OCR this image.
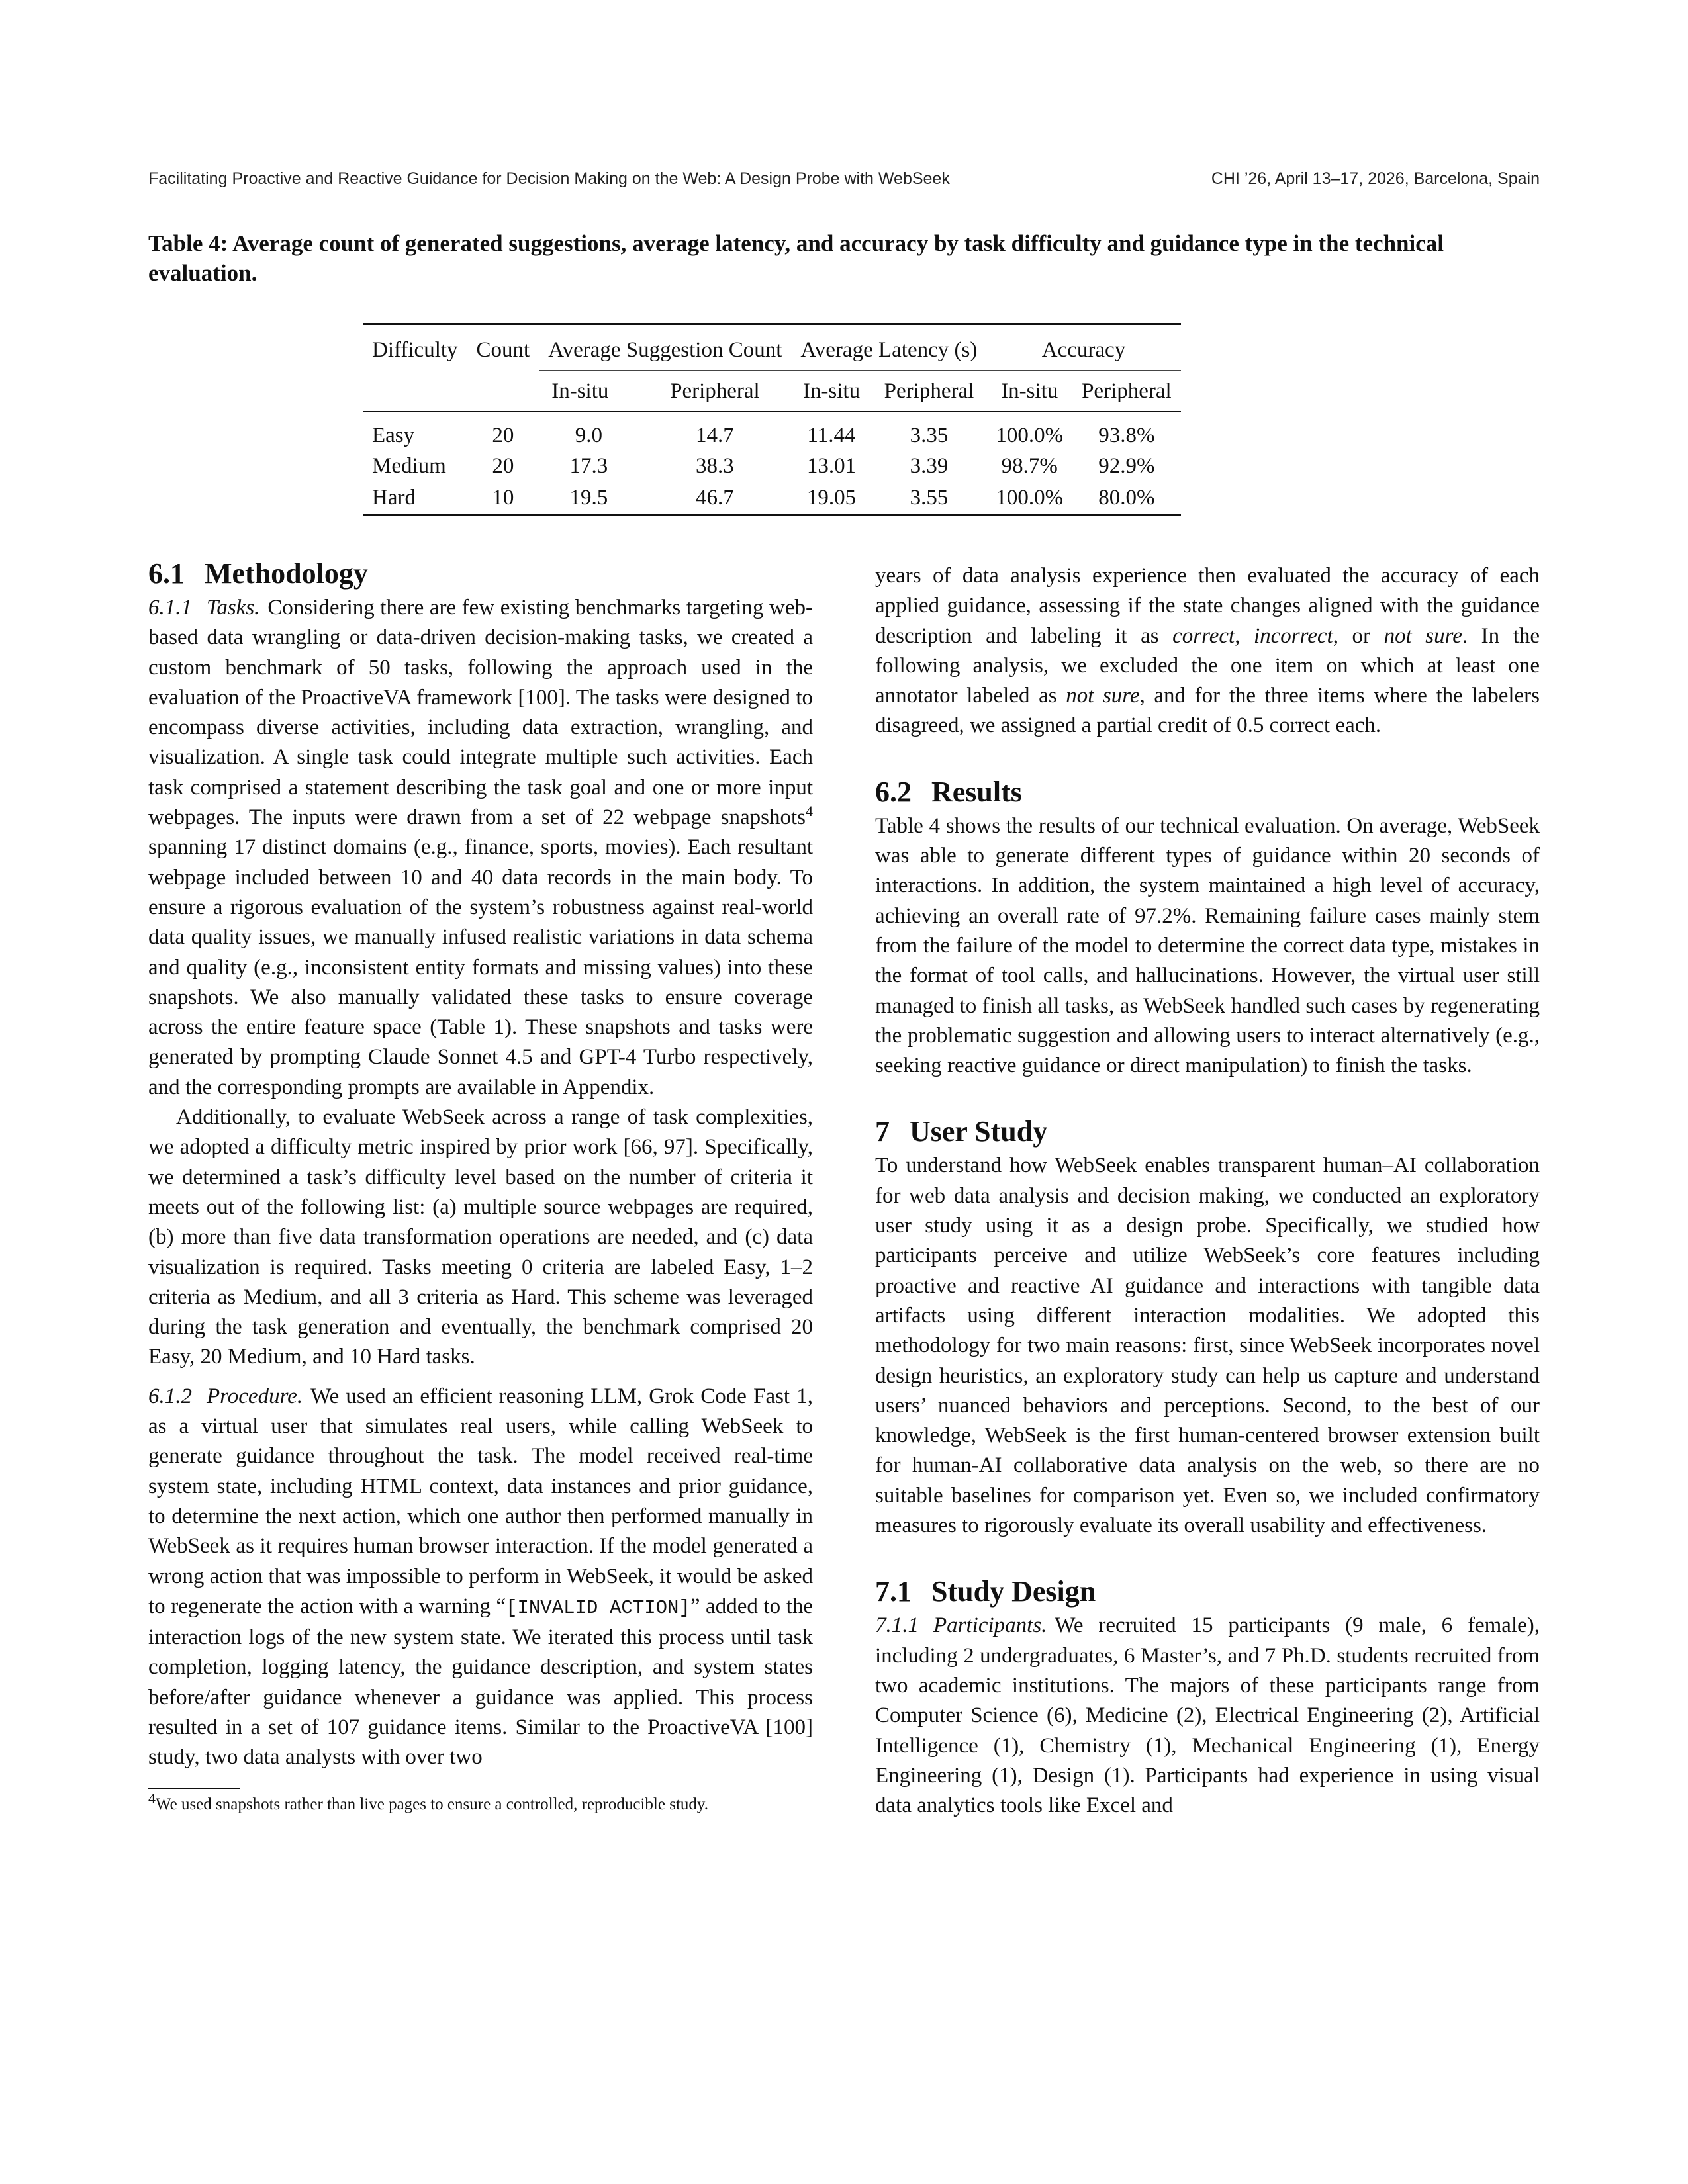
Facilitating Proactive and Reactive Guidance for Decision Making on the Web: A Design Probe with WebSeek	CHI ’26, April 13–17, 2026, Barcelona, Spain
Table 4: Average count of generated suggestions, average latency, and accuracy by task difficulty and guidance type in the technical evaluation.
Difficulty	Count	Average Suggestion Count		Average Latency (s)		Accuracy	
		In-situ	Peripheral	In-situ	Peripheral	In-situ	Peripheral
Easy	20	9.0	14.7	11.44	3.35	100.0%	93.8%
Medium	20	17.3	38.3	13.01	3.39	98.7%	92.9%
Hard	10	19.5	46.7	19.05	3.55	100.0%	80.0%
6.1 Methodology

6.1.1 Tasks. Considering there are few existing benchmarks targeting web-based data wrangling or data-driven decision-making tasks, we created a custom benchmark of 50 tasks, following the approach used in the evaluation of the ProactiveVA framework [100]. The tasks were designed to encompass diverse activities, including data extraction, wrangling, and visualization. A single task could integrate multiple such activities. Each task comprised a statement describing the task goal and one or more input webpages. The inputs were drawn from a set of 22 webpage snapshots$^4$ spanning 17 distinct domains (e.g., finance, sports, movies). Each resultant webpage included between 10 and 40 data records in the main body. To ensure a rigorous evaluation of the system’s robustness against real-world data quality issues, we manually infused realistic variations in data schema and quality (e.g., inconsistent entity formats and missing values) into these snapshots. We also manually validated these tasks to ensure coverage across the entire feature space (Table 1). These snapshots and tasks were generated by prompting Claude Sonnet 4.5 and GPT-4 Turbo respectively, and the corresponding prompts are available in Appendix.

Additionally, to evaluate WebSeek across a range of task complexities, we adopted a difficulty metric inspired by prior work [66, 97]. Specifically, we determined a task’s difficulty level based on the number of criteria it meets out of the following list: (a) multiple source webpages are required, (b) more than five data transformation operations are needed, and (c) data visualization is required. Tasks meeting 0 criteria are labeled Easy, 1–2 criteria as Medium, and all 3 criteria as Hard. This scheme was leveraged during the task generation and eventually, the benchmark comprised 20 Easy, 20 Medium, and 10 Hard tasks.

6.1.2 Procedure. We used an efficient reasoning LLM, Grok Code Fast 1, as a virtual user that simulates real users, while calling WebSeek to generate guidance throughout the task. The model received real-time system state, including HTML context, data instances and prior guidance, to determine the next action, which one author then performed manually in WebSeek as it requires human browser interaction. If the model generated a wrong action that was impossible to perform in WebSeek, it would be asked to regenerate the action with a warning “[INVALID ACTION]” added to the interaction logs of the new system state. We iterated this process until task completion, logging latency, the guidance description, and system states before/after guidance whenever a guidance was applied. This process resulted in a set of 107 guidance items. Similar to the ProactiveVA [100] study, two data analysts with over two

$^4$We used snapshots rather than live pages to ensure a controlled, reproducible study.

years of data analysis experience then evaluated the accuracy of each applied guidance, assessing if the state changes aligned with the guidance description and labeling it as correct, incorrect, or not sure. In the following analysis, we excluded the one item on which at least one annotator labeled as not sure, and for the three items where the labelers disagreed, we assigned a partial credit of 0.5 correct each.

6.2 Results

Table 4 shows the results of our technical evaluation. On average, WebSeek was able to generate different types of guidance within 20 seconds of interactions. In addition, the system maintained a high level of accuracy, achieving an overall rate of 97.2%. Remaining failure cases mainly stem from the failure of the model to determine the correct data type, mistakes in the format of tool calls, and hallucinations. However, the virtual user still managed to finish all tasks, as WebSeek handled such cases by regenerating the problematic suggestion and allowing users to interact alternatively (e.g., seeking reactive guidance or direct manipulation) to finish the tasks.

7 User Study

To understand how WebSeek enables transparent human–AI collaboration for web data analysis and decision making, we conducted an exploratory user study using it as a design probe. Specifically, we studied how participants perceive and utilize WebSeek’s core features including proactive and reactive AI guidance and interactions with tangible data artifacts using different interaction modalities. We adopted this methodology for two main reasons: first, since WebSeek incorporates novel design heuristics, an exploratory study can help us capture and understand users’ nuanced behaviors and perceptions. Second, to the best of our knowledge, WebSeek is the first human-centered browser extension built for human-AI collaborative data analysis on the web, so there are no suitable baselines for comparison yet. Even so, we included confirmatory measures to rigorously evaluate its overall usability and effectiveness.

7.1 Study Design

7.1.1 Participants. We recruited 15 participants (9 male, 6 female), including 2 undergraduates, 6 Master’s, and 7 Ph.D. students recruited from two academic institutions. The majors of these participants range from Computer Science (6), Medicine (2), Electrical Engineering (2), Artificial Intelligence (1), Chemistry (1), Mechanical Engineering (1), Energy Engineering (1), Design (1). Participants had experience in using visual data analytics tools like Excel and
